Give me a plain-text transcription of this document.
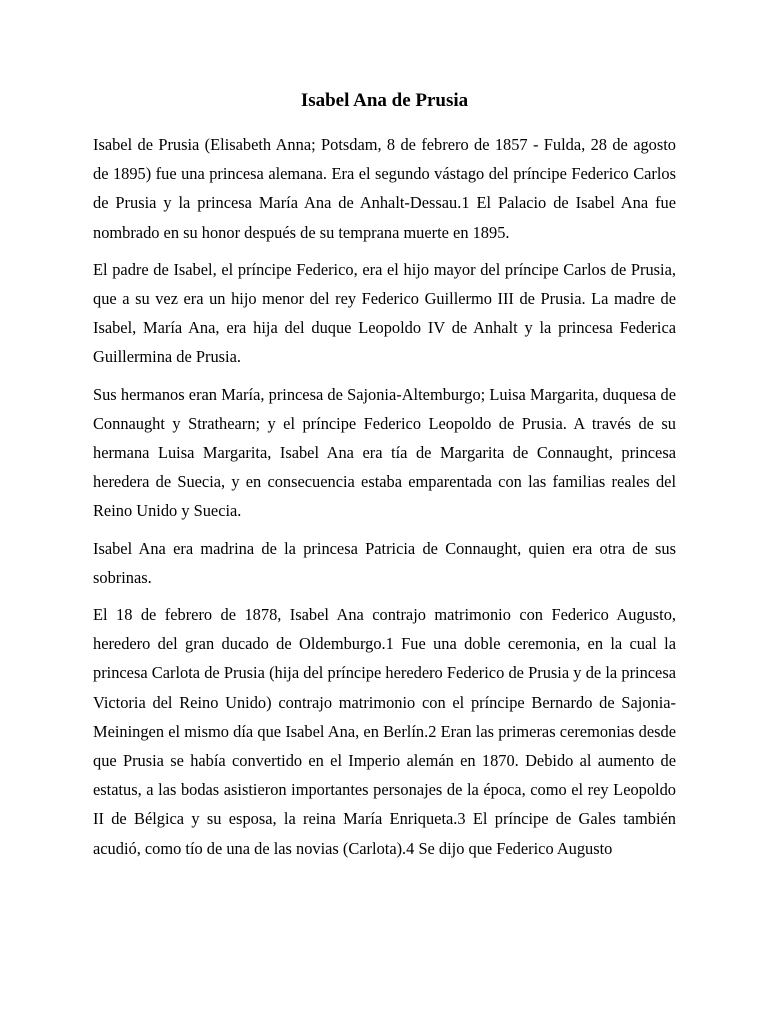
Isabel Ana de Prusia

Isabel de Prusia (Elisabeth Anna; Potsdam, 8 de febrero de 1857 - Fulda, 28 de agosto de 1895) fue una princesa alemana. Era el segundo vástago del príncipe Federico Carlos de Prusia y la princesa María Ana de Anhalt-Dessau.1 El Palacio de Isabel Ana fue nombrado en su honor después de su temprana muerte en 1895.

El padre de Isabel, el príncipe Federico, era el hijo mayor del príncipe Carlos de Prusia, que a su vez era un hijo menor del rey Federico Guillermo III de Prusia. La madre de Isabel, María Ana, era hija del duque Leopoldo IV de Anhalt y la princesa Federica Guillermina de Prusia.

Sus hermanos eran María, princesa de Sajonia-Altemburgo; Luisa Margarita, duquesa de Connaught y Strathearn; y el príncipe Federico Leopoldo de Prusia. A través de su hermana Luisa Margarita, Isabel Ana era tía de Margarita de Connaught, princesa heredera de Suecia, y en consecuencia estaba emparentada con las familias reales del Reino Unido y Suecia.

Isabel Ana era madrina de la princesa Patricia de Connaught, quien era otra de sus sobrinas.

El 18 de febrero de 1878, Isabel Ana contrajo matrimonio con Federico Augusto, heredero del gran ducado de Oldemburgo.1 Fue una doble ceremonia, en la cual la princesa Carlota de Prusia (hija del príncipe heredero Federico de Prusia y de la princesa Victoria del Reino Unido) contrajo matrimonio con el príncipe Bernardo de Sajonia-Meiningen el mismo día que Isabel Ana, en Berlín.2 Eran las primeras ceremonias desde que Prusia se había convertido en el Imperio alemán en 1870. Debido al aumento de estatus, a las bodas asistieron importantes personajes de la época, como el rey Leopoldo II de Bélgica y su esposa, la reina María Enriqueta.3 El príncipe de Gales también acudió, como tío de una de las novias (Carlota).4 Se dijo que Federico Augusto
